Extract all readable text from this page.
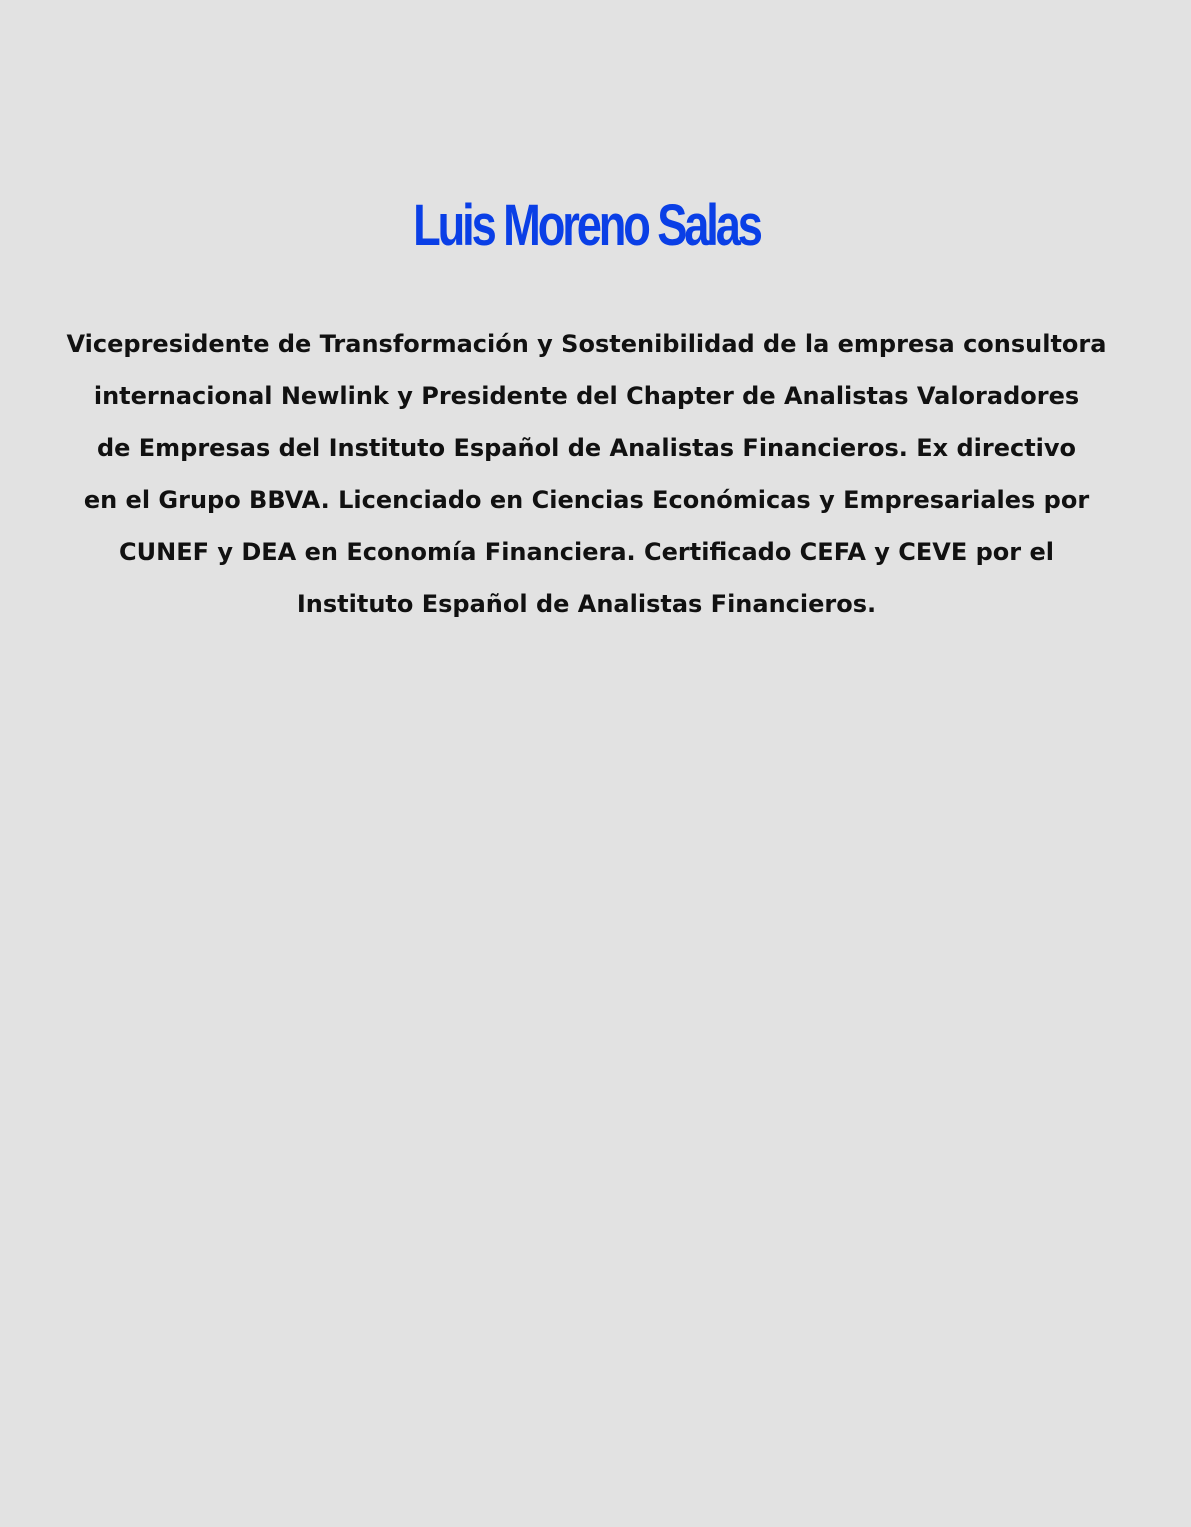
Luis Moreno Salas
Vicepresidente de Transformación y Sostenibilidad de la empresa consultora
internacional Newlink y Presidente del Chapter de Analistas Valoradores
de Empresas del Instituto Español de Analistas Financieros. Ex directivo
en el Grupo BBVA. Licenciado en Ciencias Económicas y Empresariales por
CUNEF y DEA en Economía Financiera. Certificado CEFA y CEVE por el
Instituto Español de Analistas Financieros.
